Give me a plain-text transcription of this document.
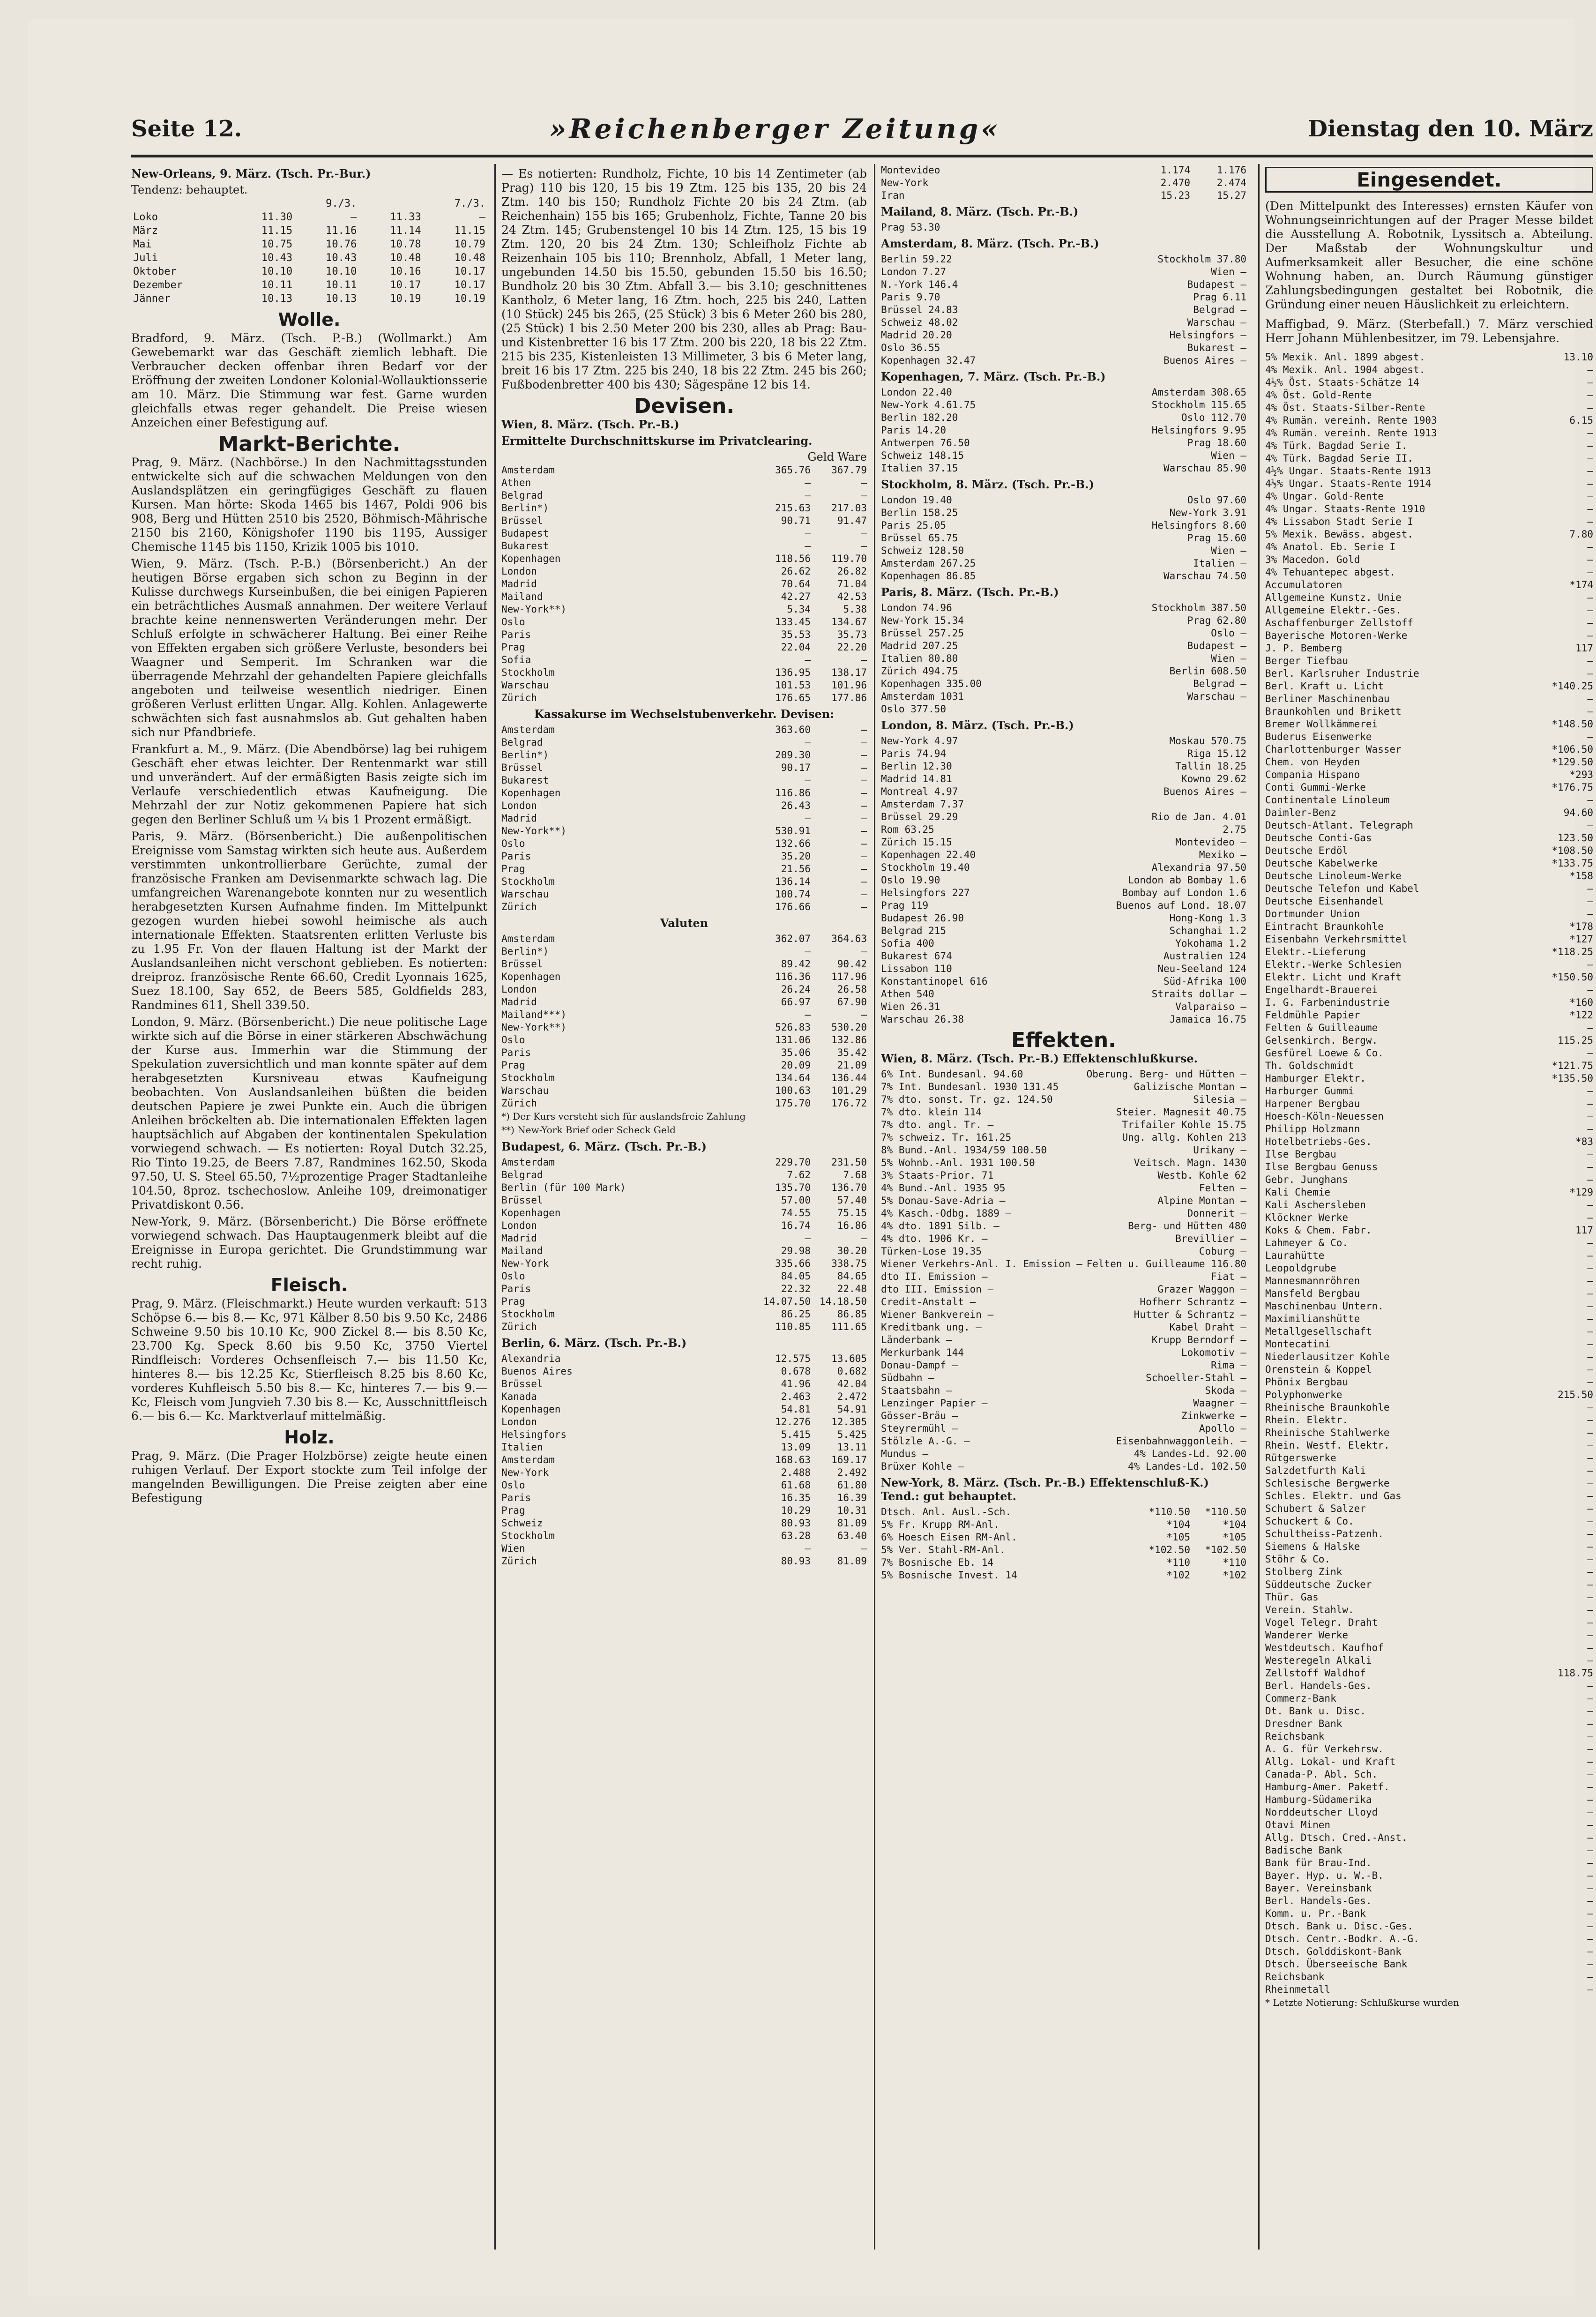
Seite 12.	»Reichenberger Zeitung«	Dienstag den 10. März
New-Orleans, 9. März. (Tsch. Pr.-Bur.)
Tendenz: behauptet.
	9./3.		7./3.	
Loko	11.30	—	11.33	—
März	11.15	11.16	11.14	11.15
Mai	10.75	10.76	10.78	10.79
Juli	10.43	10.43	10.48	10.48
Oktober	10.10	10.10	10.16	10.17
Dezember	10.11	10.11	10.17	10.17
Jänner	10.13	10.13	10.19	10.19
Wolle.
Bradford, 9. März. (Tsch. P.-B.) (Wollmarkt.) Am Gewebemarkt war das Geschäft ziemlich lebhaft. Die Verbraucher decken offenbar ihren Bedarf vor der Eröffnung der zweiten Londoner Kolonial-Wollauktionsserie am 10. März. Die Stimmung war fest. Garne wurden gleichfalls etwas reger gehandelt. Die Preise wiesen Anzeichen einer Befestigung auf.
Markt-Berichte.
Prag, 9. März. (Nachbörse.) In den Nachmittagsstunden entwickelte sich auf die schwachen Meldungen von den Auslandsplätzen ein geringfügiges Geschäft zu flauen Kursen. Man hörte: Skoda 1465 bis 1467, Poldi 906 bis 908, Berg und Hütten 2510 bis 2520, Böhmisch-Mährische 2150 bis 2160, Königshofer 1190 bis 1195, Aussiger Chemische 1145 bis 1150, Krizik 1005 bis 1010.
Wien, 9. März. (Tsch. P.-B.) (Börsenbericht.) An der heutigen Börse ergaben sich schon zu Beginn in der Kulisse durchwegs Kurseinbußen, die bei einigen Papieren ein beträchtliches Ausmaß annahmen. Der weitere Verlauf brachte keine nennenswerten Veränderungen mehr. Der Schluß erfolgte in schwächerer Haltung. Bei einer Reihe von Effekten ergaben sich größere Verluste, besonders bei Waagner und Semperit. Im Schranken war die überragende Mehrzahl der gehandelten Papiere gleichfalls angeboten und teilweise wesentlich niedriger. Einen größeren Verlust erlitten Ungar. Allg. Kohlen. Anlagewerte schwächten sich fast ausnahmslos ab. Gut gehalten haben sich nur Pfandbriefe.
Frankfurt a. M., 9. März. (Die Abendbörse) lag bei ruhigem Geschäft eher etwas leichter. Der Rentenmarkt war still und unverändert. Auf der ermäßigten Basis zeigte sich im Verlaufe verschiedentlich etwas Kaufneigung. Die Mehrzahl der zur Notiz gekommenen Papiere hat sich gegen den Berliner Schluß um ¼ bis 1 Prozent ermäßigt.
Paris, 9. März. (Börsenbericht.) Die außenpolitischen Ereignisse vom Samstag wirkten sich heute aus. Außerdem verstimmten unkontrollierbare Gerüchte, zumal der französische Franken am Devisenmarkte schwach lag. Die umfangreichen Warenangebote konnten nur zu wesentlich herabgesetzten Kursen Aufnahme finden. Im Mittelpunkt gezogen wurden hiebei sowohl heimische als auch internationale Effekten. Staatsrenten erlitten Verluste bis zu 1.95 Fr. Von der flauen Haltung ist der Markt der Auslandsanleihen nicht verschont geblieben. Es notierten: dreiproz. französische Rente 66.60, Credit Lyonnais 1625, Suez 18.100, Say 652, de Beers 585, Goldfields 283, Randmines 611, Shell 339.50.
London, 9. März. (Börsenbericht.) Die neue politische Lage wirkte sich auf die Börse in einer stärkeren Abschwächung der Kurse aus. Immerhin war die Stimmung der Spekulation zuversichtlich und man konnte später auf dem herabgesetzten Kursniveau etwas Kaufneigung beobachten. Von Auslandsanleihen büßten die beiden deutschen Papiere je zwei Punkte ein. Auch die übrigen Anleihen bröckelten ab. Die internationalen Effekten lagen hauptsächlich auf Abgaben der kontinentalen Spekulation vorwiegend schwach. — Es notierten: Royal Dutch 32.25, Rio Tinto 19.25, de Beers 7.87, Randmines 162.50, Skoda 97.50, U. S. Steel 65.50, 7½prozentige Prager Stadtanleihe 104.50, 8proz. tschechoslow. Anleihe 109, dreimonatiger Privatdiskont 0.56.
New-York, 9. März. (Börsenbericht.) Die Börse eröffnete vorwiegend schwach. Das Hauptaugenmerk bleibt auf die Ereignisse in Europa gerichtet. Die Grundstimmung war recht ruhig.
Fleisch.
Prag, 9. März. (Fleischmarkt.) Heute wurden verkauft: 513 Schöpse 6.— bis 8.— Kc, 971 Kälber 8.50 bis 9.50 Kc, 2486 Schweine 9.50 bis 10.10 Kc, 900 Zickel 8.— bis 8.50 Kc, 23.700 Kg. Speck 8.60 bis 9.50 Kc, 3750 Viertel Rindfleisch: Vorderes Ochsenfleisch 7.— bis 11.50 Kc, hinteres 8.— bis 12.25 Kc, Stierfleisch 8.25 bis 8.60 Kc, vorderes Kuhfleisch 5.50 bis 8.— Kc, hinteres 7.— bis 9.— Kc, Fleisch vom Jungvieh 7.30 bis 8.— Kc, Ausschnittfleisch 6.— bis 6.— Kc. Marktverlauf mittelmäßig.
Holz.
Prag, 9. März. (Die Prager Holzbörse) zeigte heute einen ruhigen Verlauf. Der Export stockte zum Teil infolge der mangelnden Bewilligungen. Die Preise zeigten aber eine Befestigung
— Es notierten: Rundholz, Fichte, 10 bis 14 Zentimeter (ab Prag) 110 bis 120, 15 bis 19 Ztm. 125 bis 135, 20 bis 24 Ztm. 140 bis 150; Rundholz Fichte 20 bis 24 Ztm. (ab Reichenhain) 155 bis 165; Grubenholz, Fichte, Tanne 20 bis 24 Ztm. 145; Grubenstengel 10 bis 14 Ztm. 125, 15 bis 19 Ztm. 120, 20 bis 24 Ztm. 130; Schleifholz Fichte ab Reizenhain 105 bis 110; Brennholz, Abfall, 1 Meter lang, ungebunden 14.50 bis 15.50, gebunden 15.50 bis 16.50; Bundholz 20 bis 30 Ztm. Abfall 3.— bis 3.10; geschnittenes Kantholz, 6 Meter lang, 16 Ztm. hoch, 225 bis 240, Latten (10 Stück) 245 bis 265, (25 Stück) 3 bis 6 Meter 260 bis 280, (25 Stück) 1 bis 2.50 Meter 200 bis 230, alles ab Prag: Bau- und Kistenbretter 16 bis 17 Ztm. 200 bis 220, 18 bis 22 Ztm. 215 bis 235, Kistenleisten 13 Millimeter, 3 bis 6 Meter lang, breit 16 bis 17 Ztm. 225 bis 240, 18 bis 22 Ztm. 245 bis 260; Fußbodenbretter 400 bis 430; Sägespäne 12 bis 14.
Devisen.
Wien, 8. März. (Tsch. Pr.-B.)
Ermittelte Durchschnittskurse im Privatclearing.
Geld Ware
Amsterdam	365.76	367.79
Athen	—	—
Belgrad	—	—
Berlin*)	215.63	217.03
Brüssel	90.71	91.47
Budapest	—	—
Bukarest	—	—
Kopenhagen	118.56	119.70
London	26.62	26.82
Madrid	70.64	71.04
Mailand	42.27	42.53
New-York**)	5.34	5.38
Oslo	133.45	134.67
Paris	35.53	35.73
Prag	22.04	22.20
Sofia	—	—
Stockholm	136.95	138.17
Warschau	101.53	101.96
Zürich	176.65	177.86
Kassakurse im Wechselstubenverkehr. Devisen:
Amsterdam	363.60	—
Belgrad	—	—
Berlin*)	209.30	—
Brüssel	90.17	—
Bukarest	—	—
Kopenhagen	116.86	—
London	26.43	—
Madrid	—	—
New-York**)	530.91	—
Oslo	132.66	—
Paris	35.20	—
Prag	21.56	—
Stockholm	136.14	—
Warschau	100.74	—
Zürich	176.66	—
Valuten
Amsterdam	362.07	364.63
Berlin*)	—	—
Brüssel	89.42	90.42
Kopenhagen	116.36	117.96
London	26.24	26.58
Madrid	66.97	67.90
Mailand***)	—	—
New-York**)	526.83	530.20
Oslo	131.06	132.86
Paris	35.06	35.42
Prag	20.09	21.09
Stockholm	134.64	136.44
Warschau	100.63	101.29
Zürich	175.70	176.72
*) Der Kurs versteht sich für auslandsfreie Zahlung
**) New-York Brief oder Scheck Geld
Budapest, 6. März. (Tsch. Pr.-B.)
Amsterdam	229.70	231.50
Belgrad	7.62	7.68
Berlin (für 100 Mark)	135.70	136.70
Brüssel	57.00	57.40
Kopenhagen	74.55	75.15
London	16.74	16.86
Madrid	—	—
Mailand	29.98	30.20
New-York	335.66	338.75
Oslo	84.05	84.65
Paris	22.32	22.48
Prag	14.07.50 14.18.50
Stockholm	86.25	86.85
Zürich	110.85	111.65
Berlin, 6. März. (Tsch. Pr.-B.)
Alexandria	12.575	13.605
Buenos Aires	0.678	0.682
Brüssel	41.96	42.04
Kanada	2.463	2.472
Kopenhagen	54.81	54.91
London	12.276	12.305
Helsingfors	5.415	5.425
Italien	13.09	13.11
Amsterdam	168.63	169.17
New-York	2.488	2.492
Oslo	61.68	61.80
Paris	16.35	16.39
Prag	10.29	10.31
Schweiz	80.93	81.09
Stockholm	63.28	63.40
Wien	—	—
Zürich	80.93	81.09
Montevideo	1.174	1.176
New-York	2.470	2.474
Iran	15.23	15.27
Mailand, 8. März. (Tsch. Pr.-B.)
Prag 53.30
Amsterdam, 8. März. (Tsch. Pr.-B.)
Berlin 59.22	Stockholm 37.80
London 7.27	Wien —
N.-York 146.4	Budapest —
Paris 9.70	Prag 6.11
Brüssel 24.83	Belgrad —
Schweiz 48.02	Warschau —
Madrid 20.20	Helsingfors —
Oslo 36.55	Bukarest —
Kopenhagen 32.47	Buenos Aires —
Kopenhagen, 7. März. (Tsch. Pr.-B.)
London 22.40	Amsterdam 308.65
New-York 4.61.75	Stockholm 115.65
Berlin 182.20	Oslo 112.70
Paris 14.20	Helsingfors 9.95
Antwerpen 76.50	Prag 18.60
Schweiz 148.15	Wien —
Italien 37.15	Warschau 85.90
Stockholm, 8. März. (Tsch. Pr.-B.)
London 19.40	Oslo 97.60
Berlin 158.25	New-York 3.91
Paris 25.05	Helsingfors 8.60
Brüssel 65.75	Prag 15.60
Schweiz 128.50	Wien —
Amsterdam 267.25	Italien —
Kopenhagen 86.85	Warschau 74.50
Paris, 8. März. (Tsch. Pr.-B.)
London 74.96	Stockholm 387.50
New-York 15.34	Prag 62.80
Brüssel 257.25	Oslo —
Madrid 207.25	Budapest —
Italien 80.80	Wien —
Zürich 494.75	Berlin 608.50
Kopenhagen 335.00	Belgrad —
Amsterdam 1031	Warschau —
Oslo 377.50
London, 8. März. (Tsch. Pr.-B.)
New-York 4.97	Moskau 570.75
Paris 74.94	Riga 15.12
Berlin 12.30	Tallin 18.25
Madrid 14.81	Kowno 29.62
Montreal 4.97	Buenos Aires —
Amsterdam 7.37
Brüssel 29.29	Rio de Jan. 4.01
Rom 63.25	2.75
Zürich 15.15	Montevideo —
Kopenhagen 22.40	Mexiko —
Stockholm 19.40	Alexandria 97.50
Oslo 19.90	London ab Bombay 1.6
Helsingfors 227	Bombay auf London 1.6
Prag 119	Buenos auf Lond. 18.07
Budapest 26.90	Hong-Kong 1.3
Belgrad 215	Schanghai 1.2
Sofia 400	Yokohama 1.2
Bukarest 674	Australien 124
Lissabon 110	Neu-Seeland 124
Konstantinopel 616	Süd-Afrika 100
Athen 540	Straits dollar —
Wien 26.31	Valparaiso —
Warschau 26.38	Jamaica 16.75
Effekten.
Wien, 8. März. (Tsch. Pr.-B.) Effektenschlußkurse.
6% Int. Bundesanl. 94.60	Oberung. Berg- und Hütten —
7% Int. Bundesanl. 1930 131.45	Galizische Montan —
7% dto. sonst. Tr. gz. 124.50	Silesia —
7% dto. klein 114	Steier. Magnesit 40.75
7% dto. angl. Tr. —	Trifailer Kohle 15.75
7% schweiz. Tr. 161.25	Ung. allg. Kohlen 213
8% Bund.-Anl. 1934/59 100.50	Urikany —
5% Wohnb.-Anl. 1931 100.50	Veitsch. Magn. 1430
3% Staats-Prior. 71	Westb. Kohle 62
4% Bund.-Anl. 1935 95	Felten —
5% Donau-Save-Adria —	Alpine Montan —
4% Kasch.-Odbg. 1889 —	Donnerit —
4% dto. 1891 Silb. —	Berg- und Hütten 480
4% dto. 1906 Kr. —	Brevillier —
Türken-Lose 19.35	Coburg —
Wiener Verkehrs-Anl. I. Emission — Felten u. Guilleaume 116.80
dto II. Emission —	Fiat —
dto III. Emission —	Grazer Waggon —
Credit-Anstalt —	Hofherr Schrantz —
Wiener Bankverein —	Hutter & Schrantz —
Kreditbank ung. —	Kabel Draht —
Länderbank —	Krupp Berndorf —
Merkurbank 144	Lokomotiv —
Donau-Dampf —	Rima —
Südbahn —	Schoeller-Stahl —
Staatsbahn —	Skoda —
Lenzinger Papier —	Waagner —
Gösser-Bräu —	Zinkwerke —
Steyrermühl —	Apollo —
Stölzle A.-G. —	Eisenbahnwaggonleih. —
Mundus —	4% Landes-Ld. 92.00
Brüxer Kohle —	4% Landes-Ld. 102.50
New-York, 8. März. (Tsch. Pr.-B.) Effektenschluß-K.) Tend.: gut behauptet.
Dtsch. Anl. Ausl.-Sch.	*110.50	*110.50
5% Fr. Krupp RM-Anl.	*104	*104
6% Hoesch Eisen RM-Anl.	*105	*105
5% Ver. Stahl-RM-Anl.	*102.50	*102.50
7% Bosnische Eb. 14	*110	*110
5% Bosnische Invest. 14	*102	*102
Eingesendet.
(Den Mittelpunkt des Interesses) ernsten Käufer von Wohnungseinrichtungen auf der Prager Messe bildet die Ausstellung A. Robotnik, Lyssitsch a. Abteilung. Der Maßstab der Wohnungskultur und Aufmerksamkeit aller Besucher, die eine schöne Wohnung haben, an. Durch Räumung günstiger Zahlungsbedingungen gestaltet bei Robotnik, die Gründung einer neuen Häuslichkeit zu erleichtern.
Maffigbad, 9. März. (Sterbefall.) 7. März verschied Herr Johann Mühlenbesitzer, im 79. Lebensjahre.
5% Mexik. Anl. 1899 abgest.	13.10
4% Mexik. Anl. 1904 abgest.	—
4½% Öst. Staats-Schätze 14	—
4% Öst. Gold-Rente	—
4% Öst. Staats-Silber-Rente	—
4% Rumän. vereinh. Rente 1903	6.15
4% Rumän. vereinh. Rente 1913	—
4% Türk. Bagdad Serie I.	—
4% Türk. Bagdad Serie II.	—
4½% Ungar. Staats-Rente 1913	—
4½% Ungar. Staats-Rente 1914	—
4% Ungar. Gold-Rente	—
4% Ungar. Staats-Rente 1910	—
4% Lissabon Stadt Serie I	—
5% Mexik. Bewäss. abgest.	7.80
4% Anatol. Eb. Serie I	—
3% Macedon. Gold	—
4% Tehuantepec abgest.	—
Accumulatoren	*174
Allgemeine Kunstz. Unie	—
Allgemeine Elektr.-Ges.	—
Aschaffenburger Zellstoff	—
Bayerische Motoren-Werke	—
J. P. Bemberg	117
Berger Tiefbau	—
Berl. Karlsruher Industrie	—
Berl. Kraft u. Licht	*140.25
Berliner Maschinenbau	—
Braunkohlen und Brikett	—
Bremer Wollkämmerei	*148.50
Buderus Eisenwerke	—
Charlottenburger Wasser	*106.50
Chem. von Heyden	*129.50
Compania Hispano	*293
Conti Gummi-Werke	*176.75
Continentale Linoleum	—
Daimler-Benz	94.60
Deutsch-Atlant. Telegraph	—
Deutsche Conti-Gas	123.50
Deutsche Erdöl	*108.50
Deutsche Kabelwerke	*133.75
Deutsche Linoleum-Werke	*158
Deutsche Telefon und Kabel	—
Deutsche Eisenhandel	—
Dortmunder Union	—
Eintracht Braunkohle	*178
Eisenbahn Verkehrsmittel	*127
Elektr.-Lieferung	*118.25
Elektr.-Werke Schlesien	—
Elektr. Licht und Kraft	*150.50
Engelhardt-Brauerei	—
I. G. Farbenindustrie	*160
Feldmühle Papier	*122
Felten & Guilleaume	—
Gelsenkirch. Bergw.	115.25
Gesfürel Loewe & Co.	—
Th. Goldschmidt	*121.75
Hamburger Elektr.	*135.50
Harburger Gummi	—
Harpener Bergbau	—
Hoesch-Köln-Neuessen	—
Philipp Holzmann	—
Hotelbetriebs-Ges.	*83
Ilse Bergbau	—
Ilse Bergbau Genuss	—
Gebr. Junghans	—
Kali Chemie	*129
Kali Aschersleben	—
Klöckner Werke	—
Koks & Chem. Fabr.	117
Lahmeyer & Co.	—
Laurahütte	—
Leopoldgrube	—
Mannesmannröhren	—
Mansfeld Bergbau	—
Maschinenbau Untern.	—
Maximilianshütte	—
Metallgesellschaft	—
Montecatini	—
Niederlausitzer Kohle	—
Orenstein & Koppel	—
Phönix Bergbau	—
Polyphonwerke	215.50
Rheinische Braunkohle	—
Rhein. Elektr.	—
Rheinische Stahlwerke	—
Rhein. Westf. Elektr.	—
Rütgerswerke	—
Salzdetfurth Kali	—
Schlesische Bergwerke	—
Schles. Elektr. und Gas	—
Schubert & Salzer	—
Schuckert & Co.	—
Schultheiss-Patzenh.	—
Siemens & Halske	—
Stöhr & Co.	—
Stolberg Zink	—
Süddeutsche Zucker	—
Thür. Gas	—
Verein. Stahlw.	—
Vogel Telegr. Draht	—
Wanderer Werke	—
Westdeutsch. Kaufhof	—
Westeregeln Alkali	—
Zellstoff Waldhof	118.75
Berl. Handels-Ges.	—
Commerz-Bank	—
Dt. Bank u. Disc.	—
Dresdner Bank	—
Reichsbank	—
A. G. für Verkehrsw.	—
Allg. Lokal- und Kraft	—
Canada-P. Abl. Sch.	—
Hamburg-Amer. Paketf.	—
Hamburg-Südamerika	—
Norddeutscher Lloyd	—
Otavi Minen	—
Allg. Dtsch. Cred.-Anst.	—
Badische Bank	—
Bank für Brau-Ind.	—
Bayer. Hyp. u. W.-B.	—
Bayer. Vereinsbank	—
Berl. Handels-Ges.	—
Komm. u. Pr.-Bank	—
Dtsch. Bank u. Disc.-Ges.	—
Dtsch. Centr.-Bodkr. A.-G.	—
Dtsch. Golddiskont-Bank	—
Dtsch. Überseeische Bank	—
Reichsbank	—
Rheinmetall	—
* Letzte Notierung: Schlußkurse wurden
